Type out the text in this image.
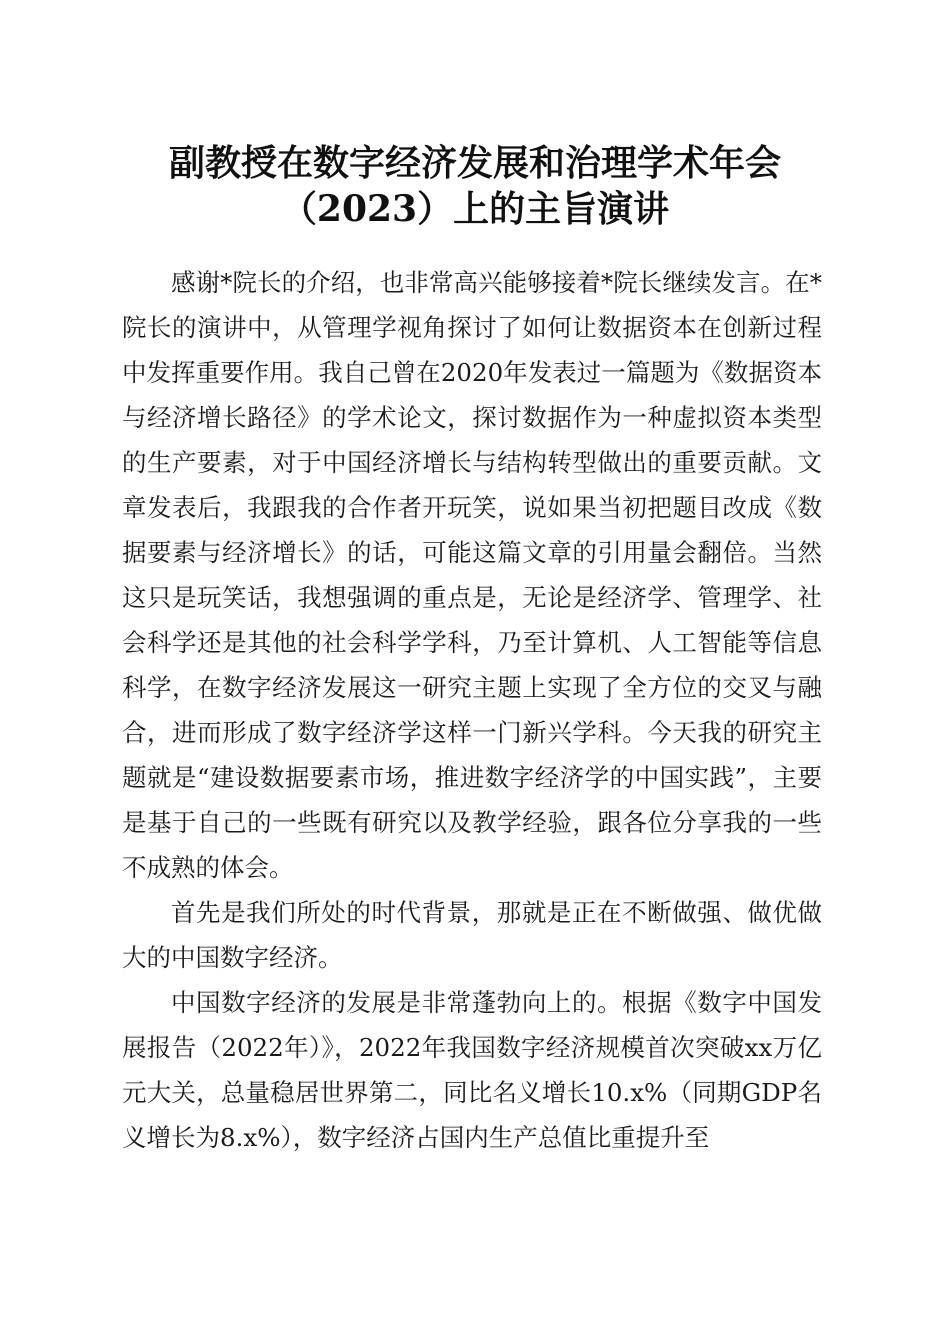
副教授在数字经济发展和治理学术年会
（2023）上的主旨演讲

感谢*院长的介绍，也非常高兴能够接着*院长继续发言。在*院长的演讲中，从管理学视角探讨了如何让数据资本在创新过程中发挥重要作用。我自己曾在2020年发表过一篇题为《数据资本与经济增长路径》的学术论文，探讨数据作为一种虚拟资本类型的生产要素，对于中国经济增长与结构转型做出的重要贡献。文章发表后，我跟我的合作者开玩笑，说如果当初把题目改成《数据要素与经济增长》的话，可能这篇文章的引用量会翻倍。当然这只是玩笑话，我想强调的重点是，无论是经济学、管理学、社会科学还是其他的社会科学学科，乃至计算机、人工智能等信息科学，在数字经济发展这一研究主题上实现了全方位的交叉与融合，进而形成了数字经济学这样一门新兴学科。今天我的研究主题就是“建设数据要素市场，推进数字经济学的中国实践”，主要是基于自己的一些既有研究以及教学经验，跟各位分享我的一些不成熟的体会。

首先是我们所处的时代背景，那就是正在不断做强、做优做大的中国数字经济。

中国数字经济的发展是非常蓬勃向上的。根据《数字中国发展报告（2022年）》，2022年我国数字经济规模首次突破xx万亿元大关，总量稳居世界第二，同比名义增长10.x%（同期GDP名义增长为8.x%），数字经济占国内生产总值比重提升至
